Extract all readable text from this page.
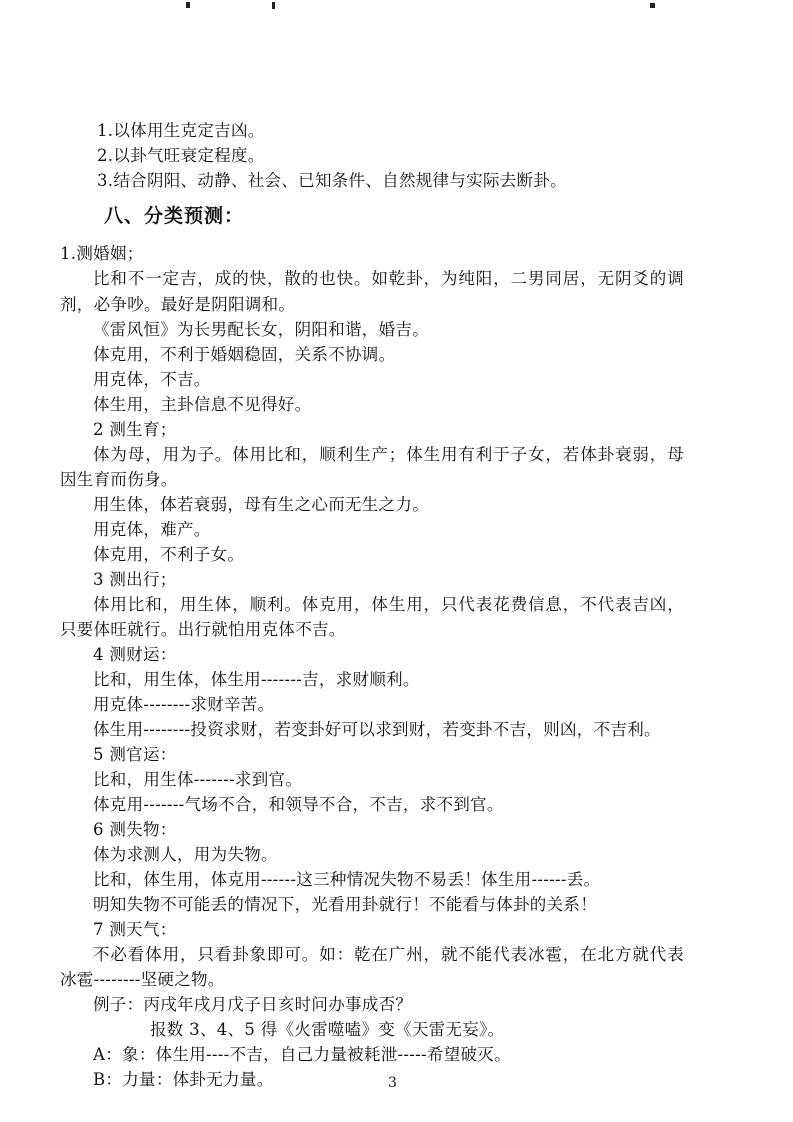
1.以体用生克定吉凶。
2.以卦气旺衰定程度。
3.结合阴阳、动静、社会、已知条件、自然规律与实际去断卦。
八、分类预测：
1.测婚姻；
比和不一定吉，成的快，散的也快。如乾卦，为纯阳，二男同居，无阴爻的调
剂，必争吵。最好是阴阳调和。
《雷风恒》为长男配长女，阴阳和谐，婚吉。
体克用，不利于婚姻稳固，关系不协调。
用克体，不吉。
体生用，主卦信息不见得好。
2 测生育；
体为母，用为子。体用比和，顺利生产；体生用有利于子女，若体卦衰弱，母
因生育而伤身。
用生体，体若衰弱，母有生之心而无生之力。
用克体，难产。
体克用，不利子女。
3 测出行；
体用比和，用生体，顺利。体克用，体生用，只代表花费信息，不代表吉凶，
只要体旺就行。出行就怕用克体不吉。
4 测财运：
比和，用生体，体生用-------吉，求财顺利。
用克体--------求财辛苦。
体生用--------投资求财，若变卦好可以求到财，若变卦不吉，则凶，不吉利。
5 测官运：
比和，用生体-------求到官。
体克用-------气场不合，和领导不合，不吉，求不到官。
6 测失物：
体为求测人，用为失物。
比和，体生用，体克用------这三种情况失物不易丢！体生用------丢。
明知失物不可能丢的情况下，光看用卦就行！不能看与体卦的关系！
7 测天气：
不必看体用，只看卦象即可。如：乾在广州，就不能代表冰雹，在北方就代表
冰雹--------坚硬之物。
例子：丙戌年戌月戊子日亥时问办事成否？
报数 3、4、5 得《火雷噬嗑》变《天雷无妄》。
A：象：体生用----不吉，自己力量被耗泄-----希望破灭。
B：力量：体卦无力量。	3
